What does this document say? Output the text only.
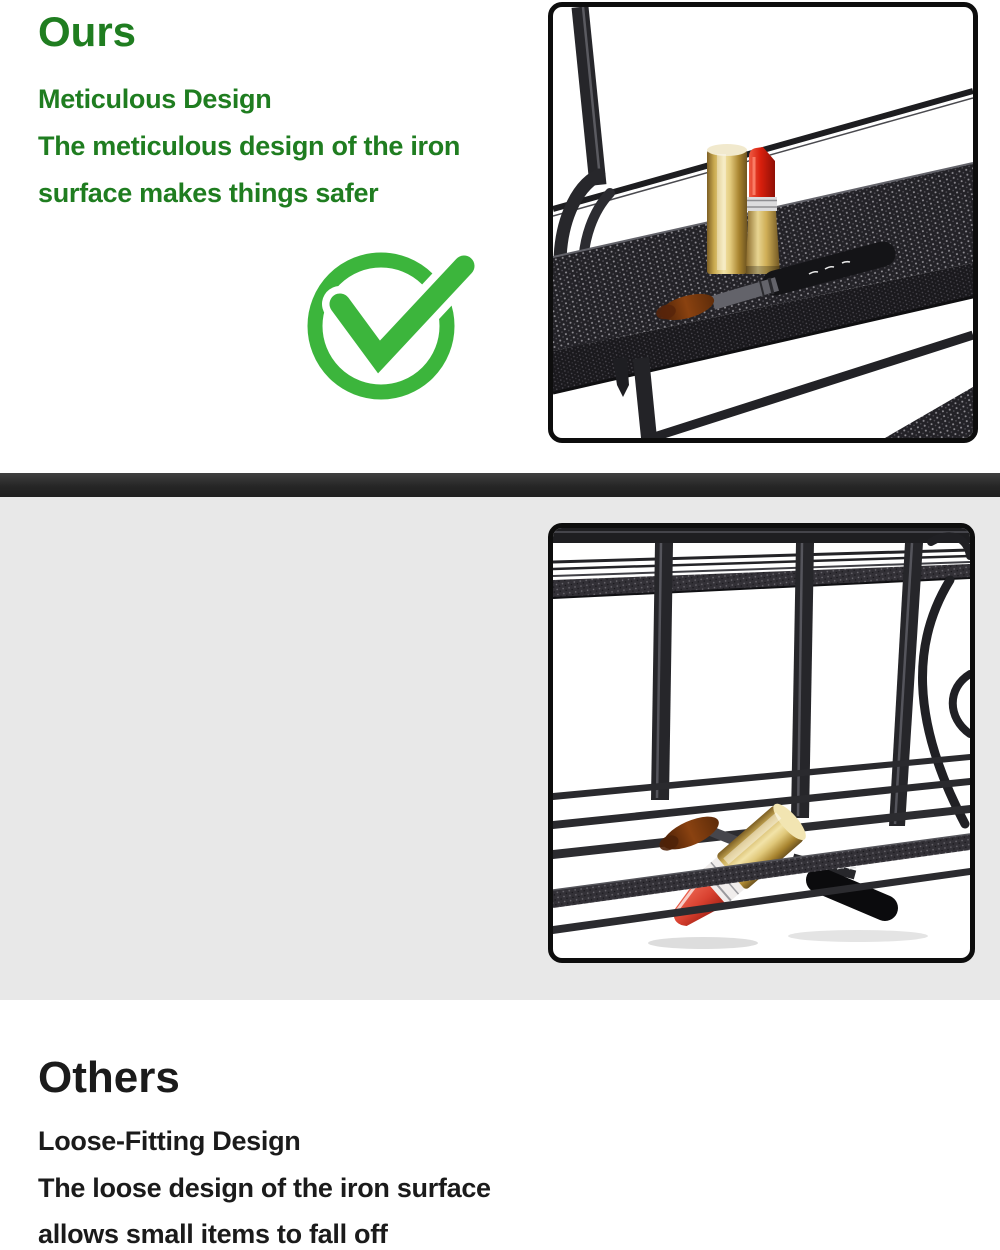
Ours
Meticulous Design
The meticulous design of the iron
surface makes things safer
Others
Loose-Fitting Design
The loose design of the iron surface
allows small items to fall off
